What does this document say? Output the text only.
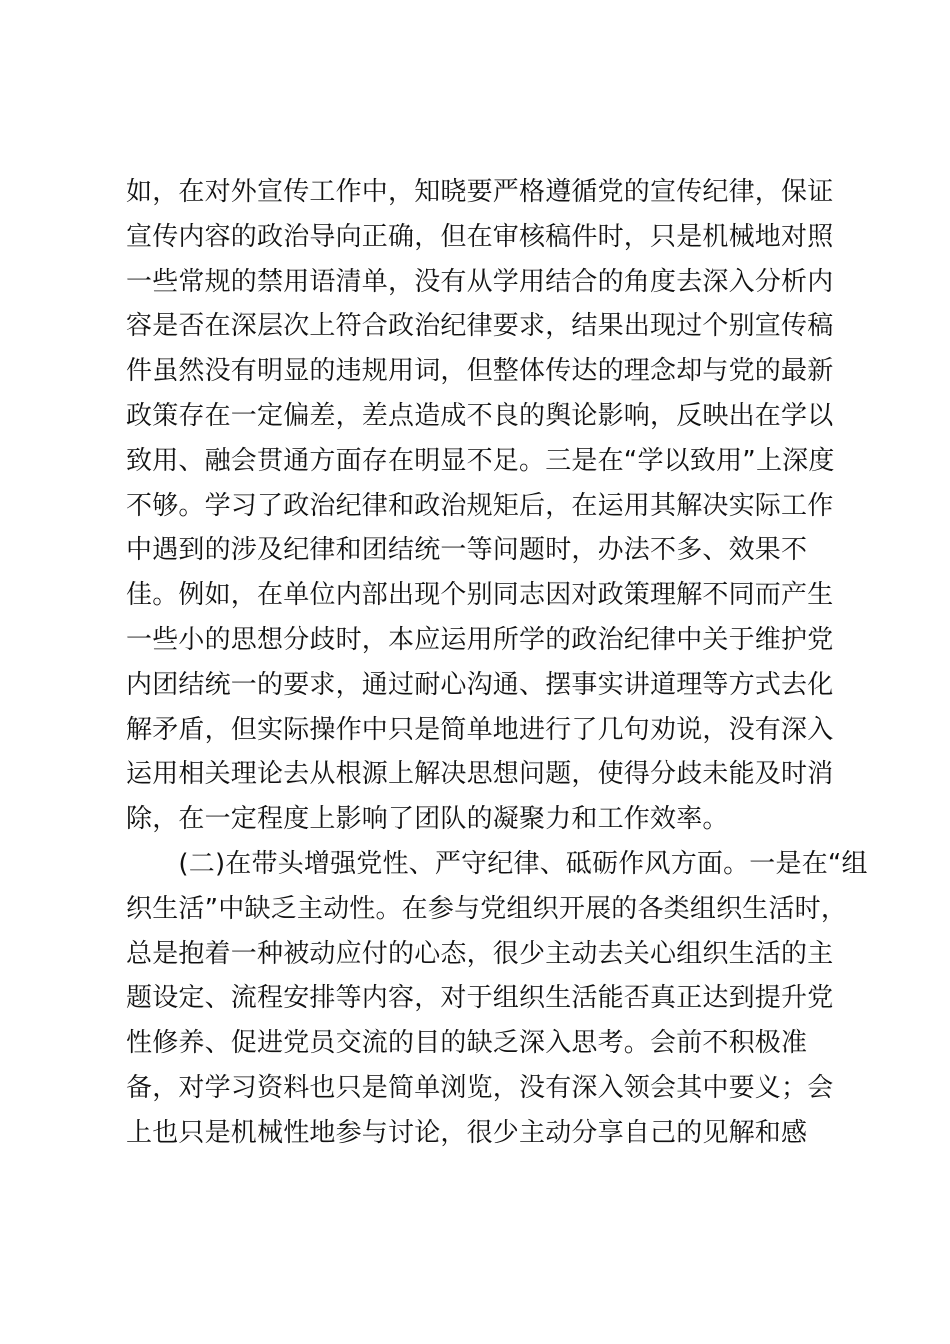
如，在对外宣传工作中，知晓要严格遵循党的宣传纪律，保证
宣传内容的政治导向正确，但在审核稿件时，只是机械地对照
一些常规的禁用语清单，没有从学用结合的角度去深入分析内
容是否在深层次上符合政治纪律要求，结果出现过个别宣传稿
件虽然没有明显的违规用词，但整体传达的理念却与党的最新
政策存在一定偏差，差点造成不良的舆论影响，反映出在学以
致用、融会贯通方面存在明显不足。三是在“学以致用”上深度
不够。学习了政治纪律和政治规矩后，在运用其解决实际工作
中遇到的涉及纪律和团结统一等问题时，办法不多、效果不
佳。例如，在单位内部出现个别同志因对政策理解不同而产生
一些小的思想分歧时，本应运用所学的政治纪律中关于维护党
内团结统一的要求，通过耐心沟通、摆事实讲道理等方式去化
解矛盾，但实际操作中只是简单地进行了几句劝说，没有深入
运用相关理论去从根源上解决思想问题，使得分歧未能及时消
除，在一定程度上影响了团队的凝聚力和工作效率。
　　(二)在带头增强党性、严守纪律、砥砺作风方面。一是在“组
织生活”中缺乏主动性。在参与党组织开展的各类组织生活时，
总是抱着一种被动应付的心态，很少主动去关心组织生活的主
题设定、流程安排等内容，对于组织生活能否真正达到提升党
性修养、促进党员交流的目的缺乏深入思考。会前不积极准
备，对学习资料也只是简单浏览，没有深入领会其中要义；会
上也只是机械性地参与讨论，很少主动分享自己的见解和感
